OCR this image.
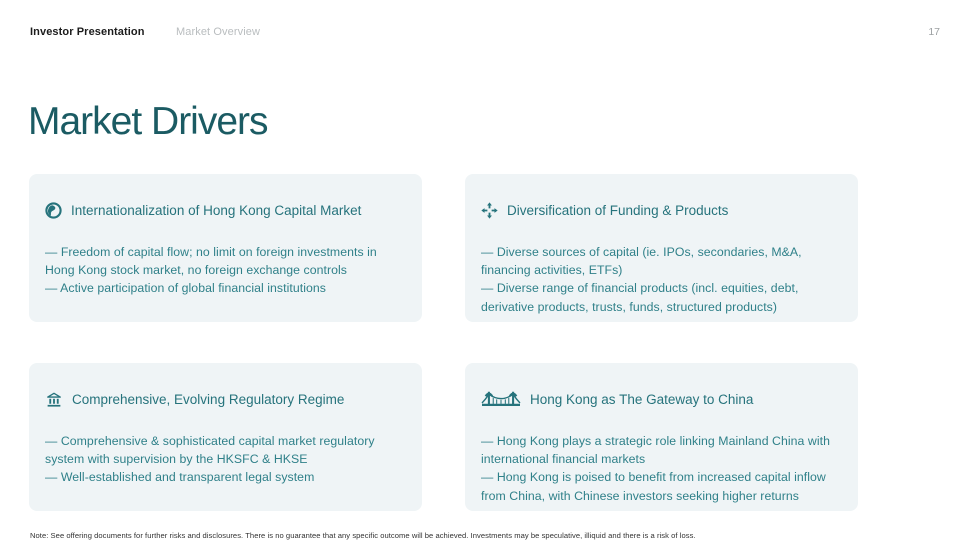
Investor Presentation	Market Overview	17
Market Drivers
Internationalization of Hong Kong Capital Market

— Freedom of capital flow; no limit on foreign investments in Hong Kong stock market, no foreign exchange controls

— Active participation of global financial institutions

Diversification of Funding & Products

— Diverse sources of capital (ie. IPOs, secondaries, M&A, financing activities, ETFs)

— Diverse range of financial products (incl. equities, debt, derivative products, trusts, funds, structured products)

Comprehensive, Evolving Regulatory Regime

— Comprehensive & sophisticated capital market regulatory system with supervision by the HKSFC & HKSE

— Well-established and transparent legal system

Hong Kong as The Gateway to China

— Hong Kong plays a strategic role linking Mainland China with international financial markets

— Hong Kong is poised to benefit from increased capital inflow from China, with Chinese investors seeking higher returns

Note: See offering documents for further risks and disclosures. There is no guarantee that any specific outcome will be achieved. Investments may be speculative, illiquid and there is a risk of loss.
